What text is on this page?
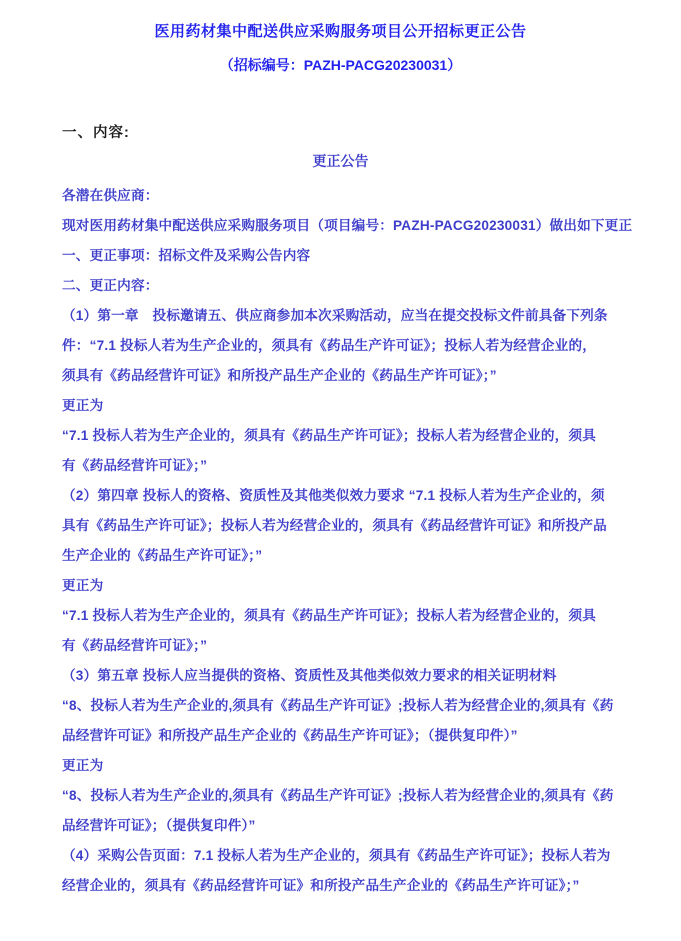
医用药材集中配送供应采购服务项目公开招标更正公告
（招标编号：PAZH-PACG20230031）
一、内容:
更正公告
各潜在供应商：
现对医用药材集中配送供应采购服务项目（项目编号：PAZH-PACG20230031）做出如下更正
一、更正事项：招标文件及采购公告内容
二、更正内容：
（1）第一章　投标邀请五、供应商参加本次采购活动，应当在提交投标文件前具备下列条
件：“7.1 投标人若为生产企业的，须具有《药品生产许可证》；投标人若为经营企业的，
须具有《药品经营许可证》和所投产品生产企业的《药品生产许可证》；”
更正为
“7.1 投标人若为生产企业的，须具有《药品生产许可证》；投标人若为经营企业的，须具
有《药品经营许可证》；”
（2）第四章 投标人的资格、资质性及其他类似效力要求 “7.1 投标人若为生产企业的，须
具有《药品生产许可证》；投标人若为经营企业的，须具有《药品经营许可证》和所投产品
生产企业的《药品生产许可证》；”
更正为
“7.1 投标人若为生产企业的，须具有《药品生产许可证》；投标人若为经营企业的，须具
有《药品经营许可证》；”
（3）第五章 投标人应当提供的资格、资质性及其他类似效力要求的相关证明材料
“8、投标人若为生产企业的,须具有《药品生产许可证》;投标人若为经营企业的,须具有《药
品经营许可证》和所投产品生产企业的《药品生产许可证》；（提供复印件）”
更正为
“8、投标人若为生产企业的,须具有《药品生产许可证》;投标人若为经营企业的,须具有《药
品经营许可证》；（提供复印件）”
（4）采购公告页面：7.1 投标人若为生产企业的，须具有《药品生产许可证》；投标人若为
经营企业的，须具有《药品经营许可证》和所投产品生产企业的《药品生产许可证》；”
